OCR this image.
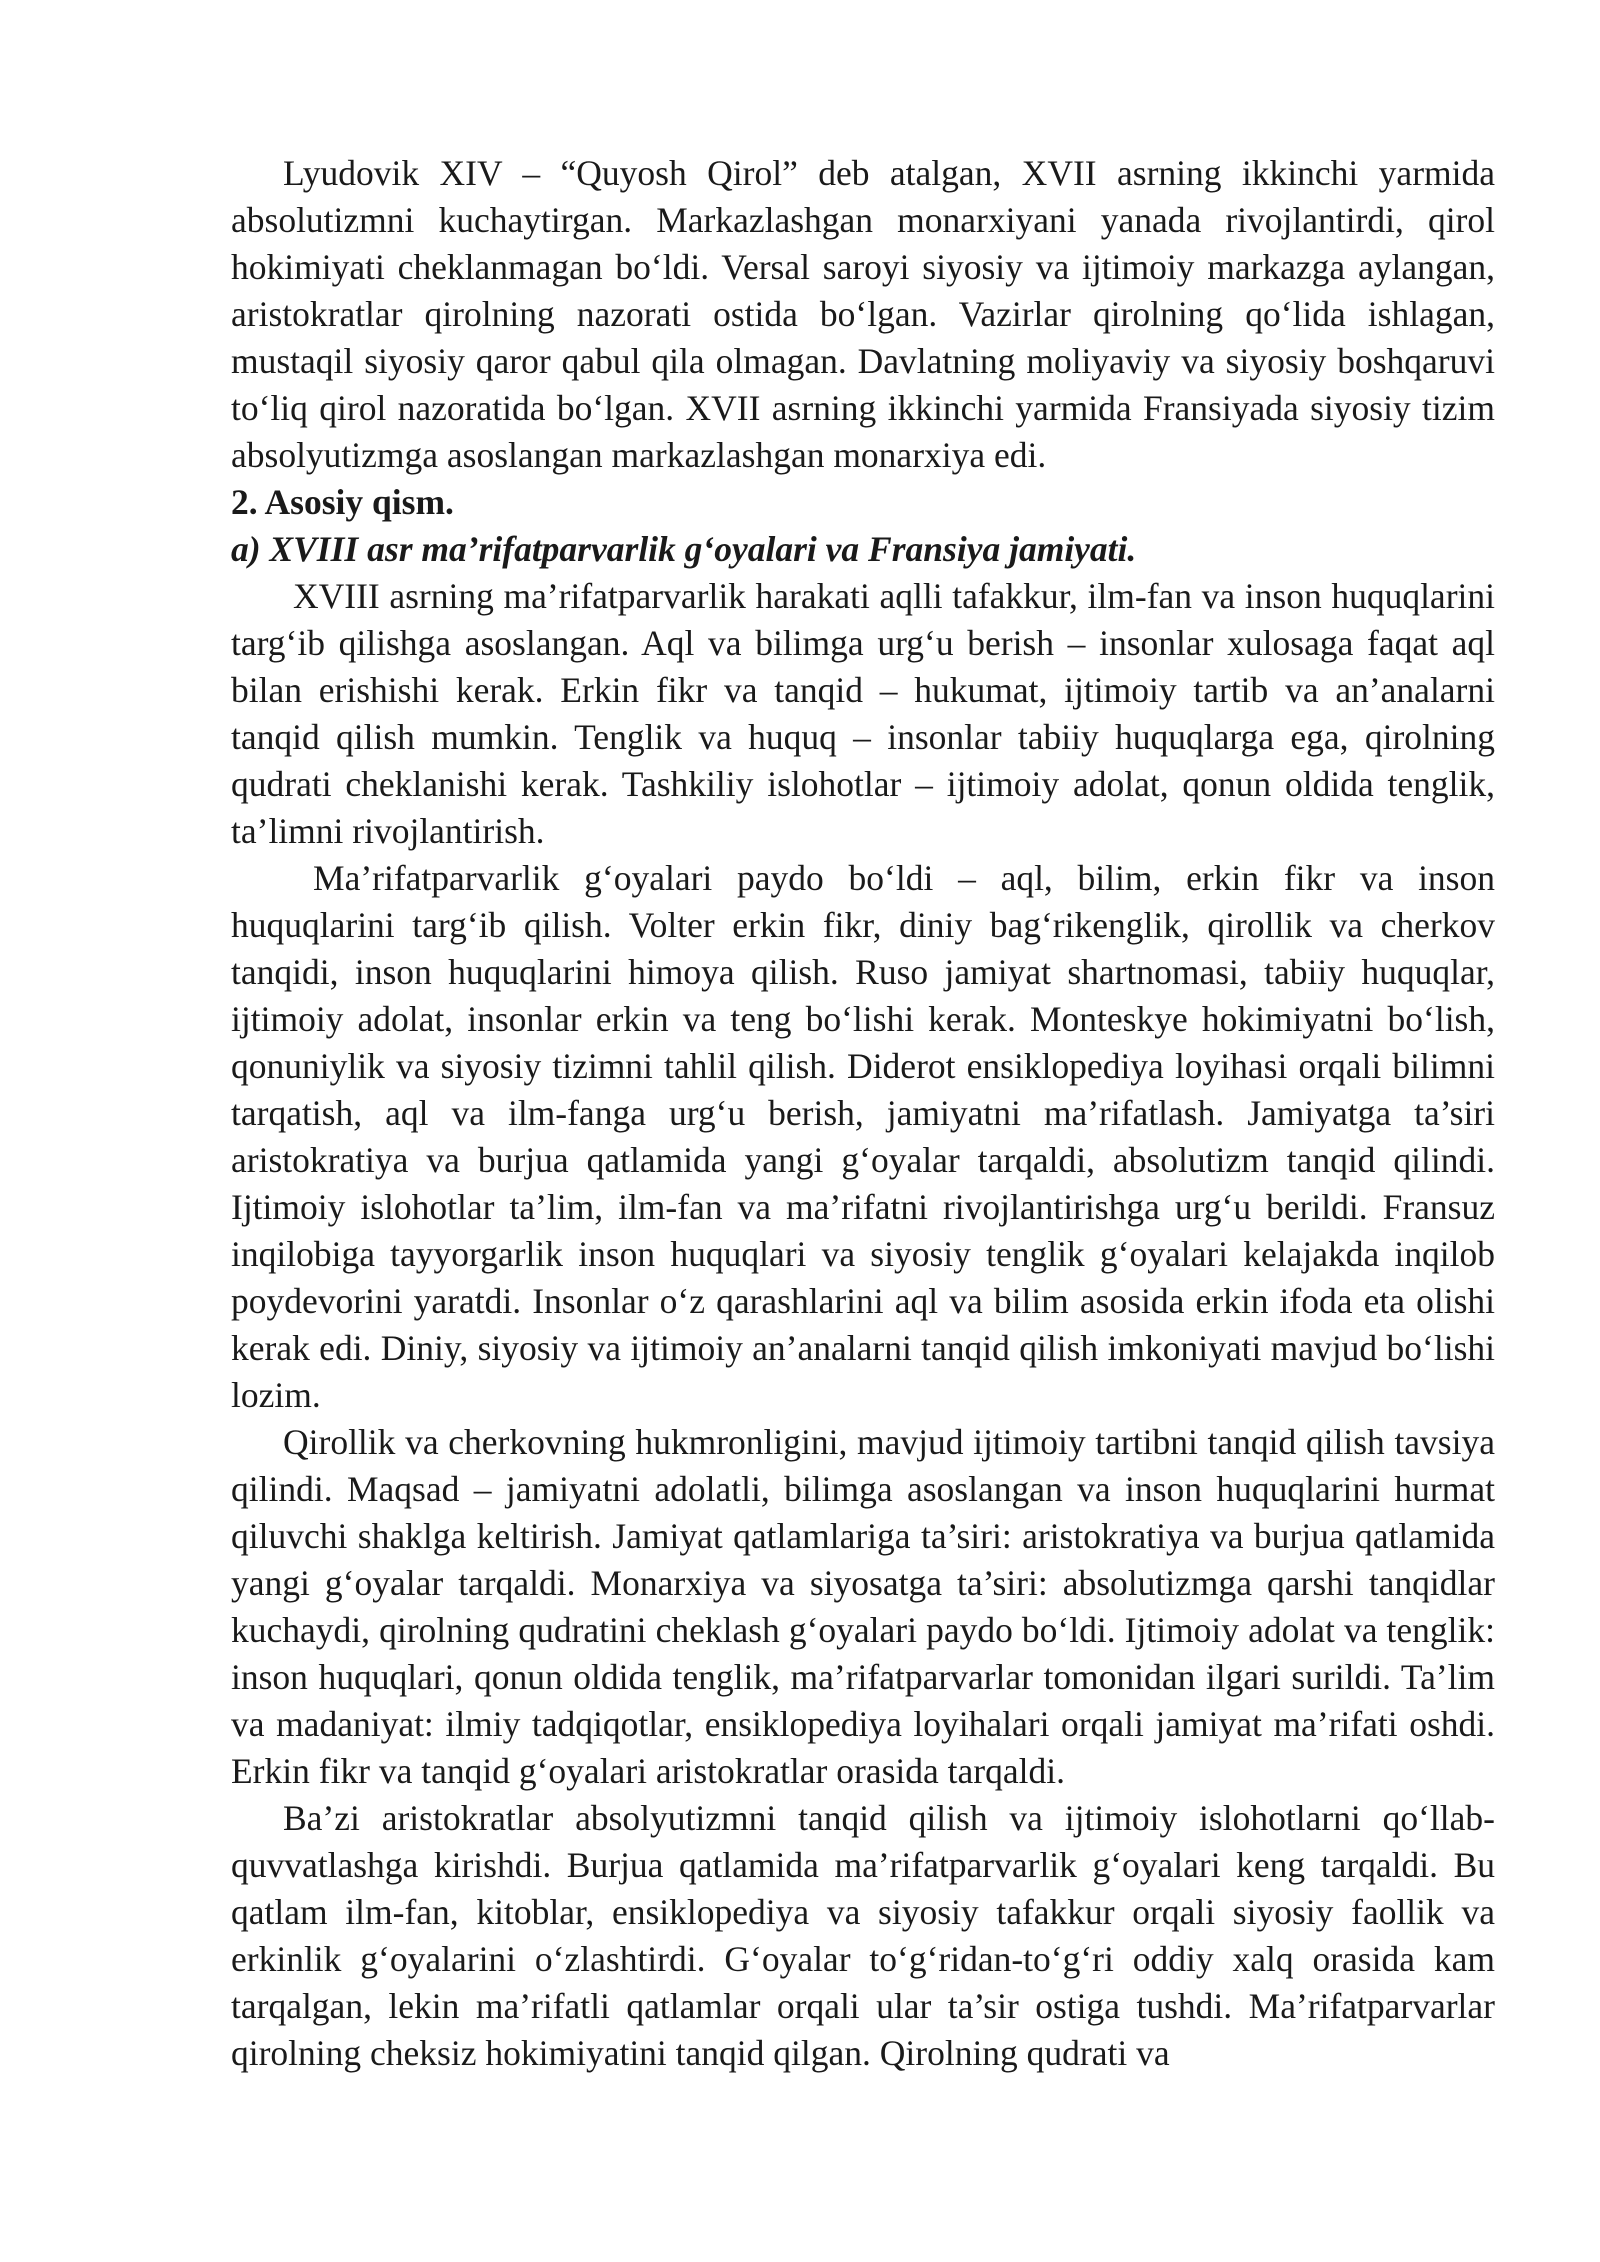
Lyudovik XIV – “Quyosh Qirol” deb atalgan, XVII asrning ikkinchi yarmida absolutizmni kuchaytirgan. Markazlashgan monarxiyani yanada rivojlantirdi, qirol hokimiyati cheklanmagan bo‘ldi. Versal saroyi siyosiy va ijtimoiy markazga aylangan, aristokratlar qirolning nazorati ostida bo‘lgan. Vazirlar qirolning qo‘lida ishlagan, mustaqil siyosiy qaror qabul qila olmagan. Davlatning moliyaviy va siyosiy boshqaruvi to‘liq qirol nazoratida bo‘lgan. XVII asrning ikkinchi yarmida Fransiyada siyosiy tizim absolyutizmga asoslangan markazlashgan monarxiya edi.

2. Asosiy qism.

a) XVIII asr ma’rifatparvarlik g‘oyalari va Fransiya jamiyati.

XVIII asrning ma’rifatparvarlik harakati aqlli tafakkur, ilm-fan va inson huquqlarini targ‘ib qilishga asoslangan. Aql va bilimga urg‘u berish – insonlar xulosaga faqat aql bilan erishishi kerak. Erkin fikr va tanqid – hukumat, ijtimoiy tartib va an’analarni tanqid qilish mumkin. Tenglik va huquq – insonlar tabiiy huquqlarga ega, qirolning qudrati cheklanishi kerak. Tashkiliy islohotlar – ijtimoiy adolat, qonun oldida tenglik, ta’limni rivojlantirish.

Ma’rifatparvarlik g‘oyalari paydo bo‘ldi – aql, bilim, erkin fikr va inson huquqlarini targ‘ib qilish. Volter erkin fikr, diniy bag‘rikenglik, qirollik va cherkov tanqidi, inson huquqlarini himoya qilish. Ruso jamiyat shartnomasi, tabiiy huquqlar, ijtimoiy adolat, insonlar erkin va teng bo‘lishi kerak. Monteskye hokimiyatni bo‘lish, qonuniylik va siyosiy tizimni tahlil qilish. Diderot ensiklopediya loyihasi orqali bilimni tarqatish, aql va ilm-fanga urg‘u berish, jamiyatni ma’rifatlash. Jamiyatga ta’siri aristokratiya va burjua qatlamida yangi g‘oyalar tarqaldi, absolutizm tanqid qilindi. Ijtimoiy islohotlar ta’lim, ilm-fan va ma’rifatni rivojlantirishga urg‘u berildi. Fransuz inqilobiga tayyorgarlik inson huquqlari va siyosiy tenglik g‘oyalari kelajakda inqilob poydevorini yaratdi. Insonlar o‘z qarashlarini aql va bilim asosida erkin ifoda eta olishi kerak edi. Diniy, siyosiy va ijtimoiy an’analarni tanqid qilish imkoniyati mavjud bo‘lishi lozim.

Qirollik va cherkovning hukmronligini, mavjud ijtimoiy tartibni tanqid qilish tavsiya qilindi. Maqsad – jamiyatni adolatli, bilimga asoslangan va inson huquqlarini hurmat qiluvchi shaklga keltirish. Jamiyat qatlamlariga ta’siri: aristokratiya va burjua qatlamida yangi g‘oyalar tarqaldi. Monarxiya va siyosatga ta’siri: absolutizmga qarshi tanqidlar kuchaydi, qirolning qudratini cheklash g‘oyalari paydo bo‘ldi. Ijtimoiy adolat va tenglik: inson huquqlari, qonun oldida tenglik, ma’rifatparvarlar tomonidan ilgari surildi. Ta’lim va madaniyat: ilmiy tadqiqotlar, ensiklopediya loyihalari orqali jamiyat ma’rifati oshdi. Erkin fikr va tanqid g‘oyalari aristokratlar orasida tarqaldi.

Ba’zi aristokratlar absolyutizmni tanqid qilish va ijtimoiy islohotlarni qo‘llab-quvvatlashga kirishdi. Burjua qatlamida ma’rifatparvarlik g‘oyalari keng tarqaldi. Bu qatlam ilm-fan, kitoblar, ensiklopediya va siyosiy tafakkur orqali siyosiy faollik va erkinlik g‘oyalarini o‘zlashtirdi. G‘oyalar to‘g‘ridan-to‘g‘ri oddiy xalq orasida kam tarqalgan, lekin ma’rifatli qatlamlar orqali ular ta’sir ostiga tushdi. Ma’rifatparvarlar qirolning cheksiz hokimiyatini tanqid qilgan. Qirolning qudrati va
